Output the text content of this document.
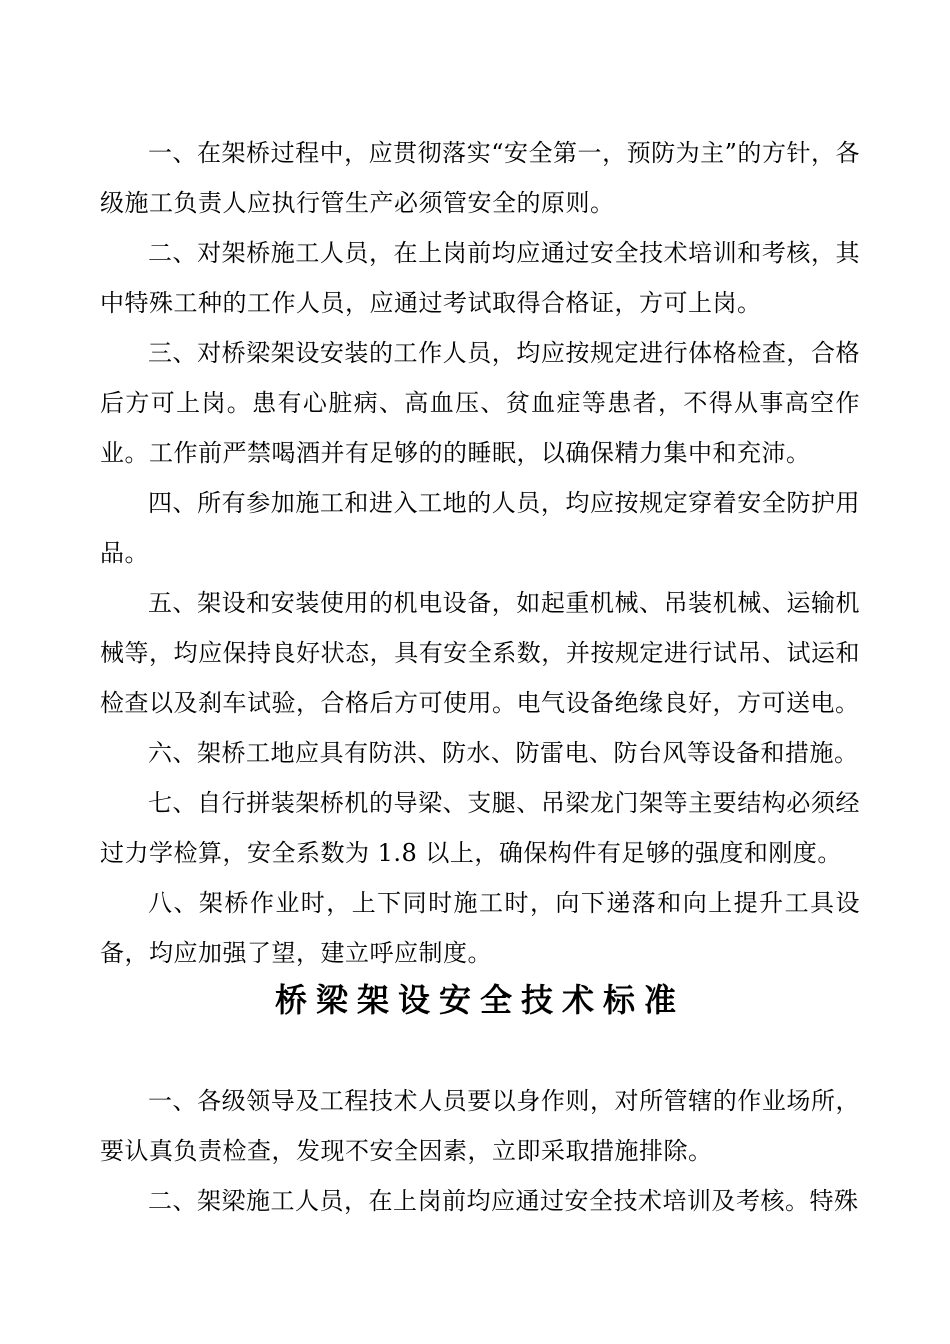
一、在架桥过程中，应贯彻落实“安全第一，预防为主”的方针，各级施工负责人应执行管生产必须管安全的原则。

二、对架桥施工人员，在上岗前均应通过安全技术培训和考核，其中特殊工种的工作人员，应通过考试取得合格证，方可上岗。

三、对桥梁架设安装的工作人员，均应按规定进行体格检查，合格后方可上岗。患有心脏病、高血压、贫血症等患者，不得从事高空作业。工作前严禁喝酒并有足够的的睡眠，以确保精力集中和充沛。

四、所有参加施工和进入工地的人员，均应按规定穿着安全防护用品。

五、架设和安装使用的机电设备，如起重机械、吊装机械、运输机械等，均应保持良好状态，具有安全系数，并按规定进行试吊、试运和检查以及刹车试验，合格后方可使用。电气设备绝缘良好，方可送电。

六、架桥工地应具有防洪、防水、防雷电、防台风等设备和措施。

七、自行拼装架桥机的导梁、支腿、吊梁龙门架等主要结构必须经过力学检算，安全系数为 1.8 以上，确保构件有足够的强度和刚度。

八、架桥作业时，上下同时施工时，向下递落和向上提升工具设备，均应加强了望，建立呼应制度。

桥梁架设安全技术标准

一、各级领导及工程技术人员要以身作则，对所管辖的作业场所，要认真负责检查，发现不安全因素，立即采取措施排除。

二、架梁施工人员，在上岗前均应通过安全技术培训及考核。特殊
